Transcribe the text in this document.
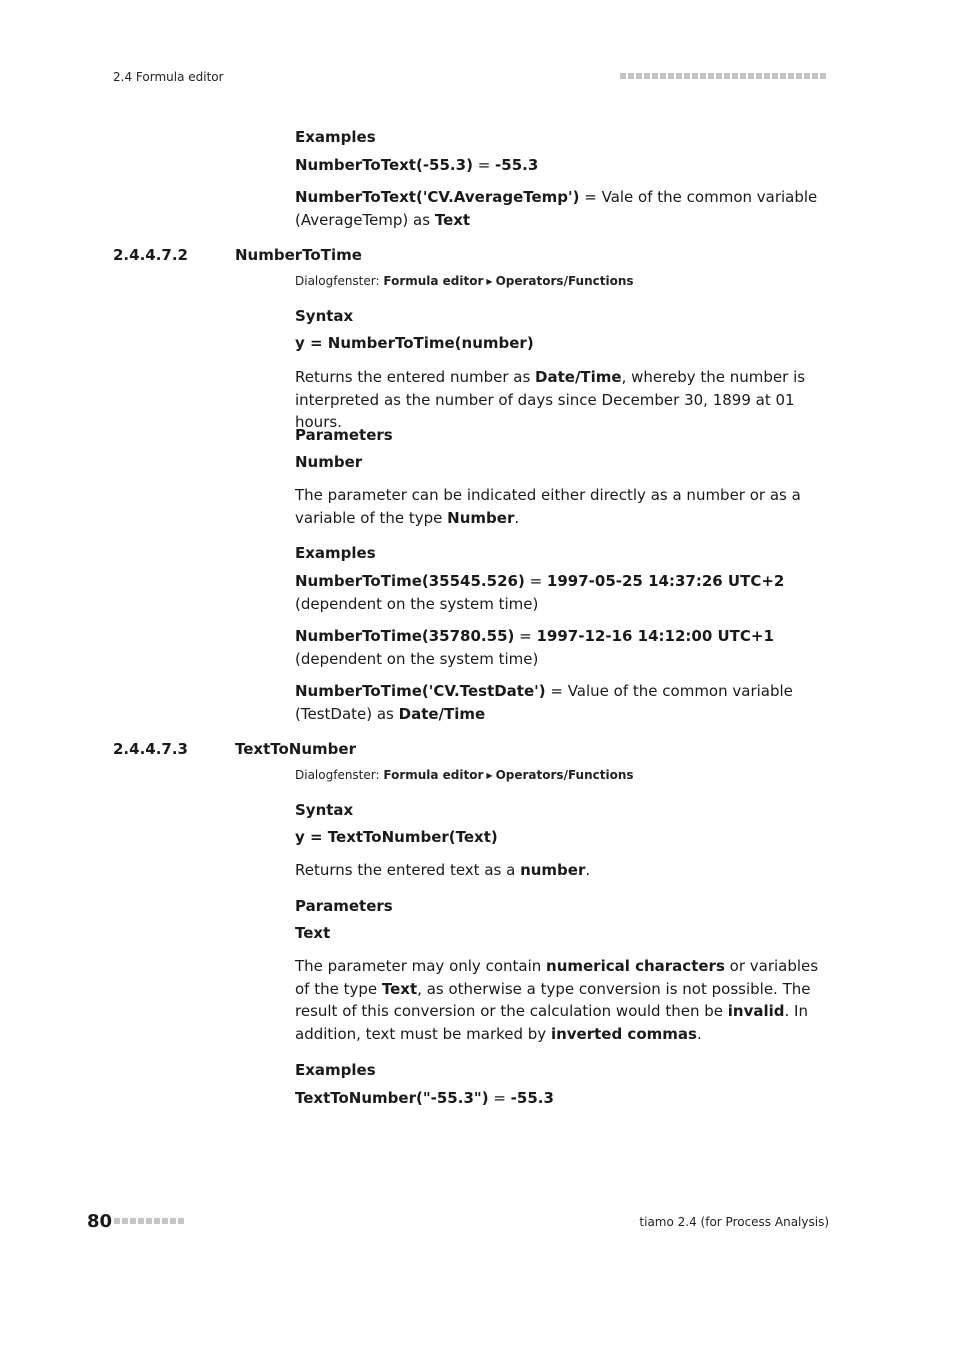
2.4 Formula editor
Examples
NumberToText(-55.3) = -55.3
NumberToText('CV.AverageTemp') = Vale of the common variable (AverageTemp) as Text
2.4.4.7.2	NumberToTime
Dialogfenster: Formula editor ▶ Operators/Functions
Syntax
y = NumberToTime(number)
Returns the entered number as Date/Time, whereby the number is interpreted as the number of days since December 30, 1899 at 01 hours.
Parameters
Number
The parameter can be indicated either directly as a number or as a variable of the type Number.
Examples
NumberToTime(35545.526) = 1997-05-25 14:37:26 UTC+2 (dependent on the system time)
NumberToTime(35780.55) = 1997-12-16 14:12:00 UTC+1 (dependent on the system time)
NumberToTime('CV.TestDate') = Value of the common variable (TestDate) as Date/Time
2.4.4.7.3	TextToNumber
Dialogfenster: Formula editor ▶ Operators/Functions
Syntax
y = TextToNumber(Text)
Returns the entered text as a number.
Parameters
Text
The parameter may only contain numerical characters or variables of the type Text, as otherwise a type conversion is not possible. The result of this conversion or the calculation would then be invalid. In addition, text must be marked by inverted commas.
Examples
TextToNumber("-55.3") = -55.3
80	tiamo 2.4 (for Process Analysis)
